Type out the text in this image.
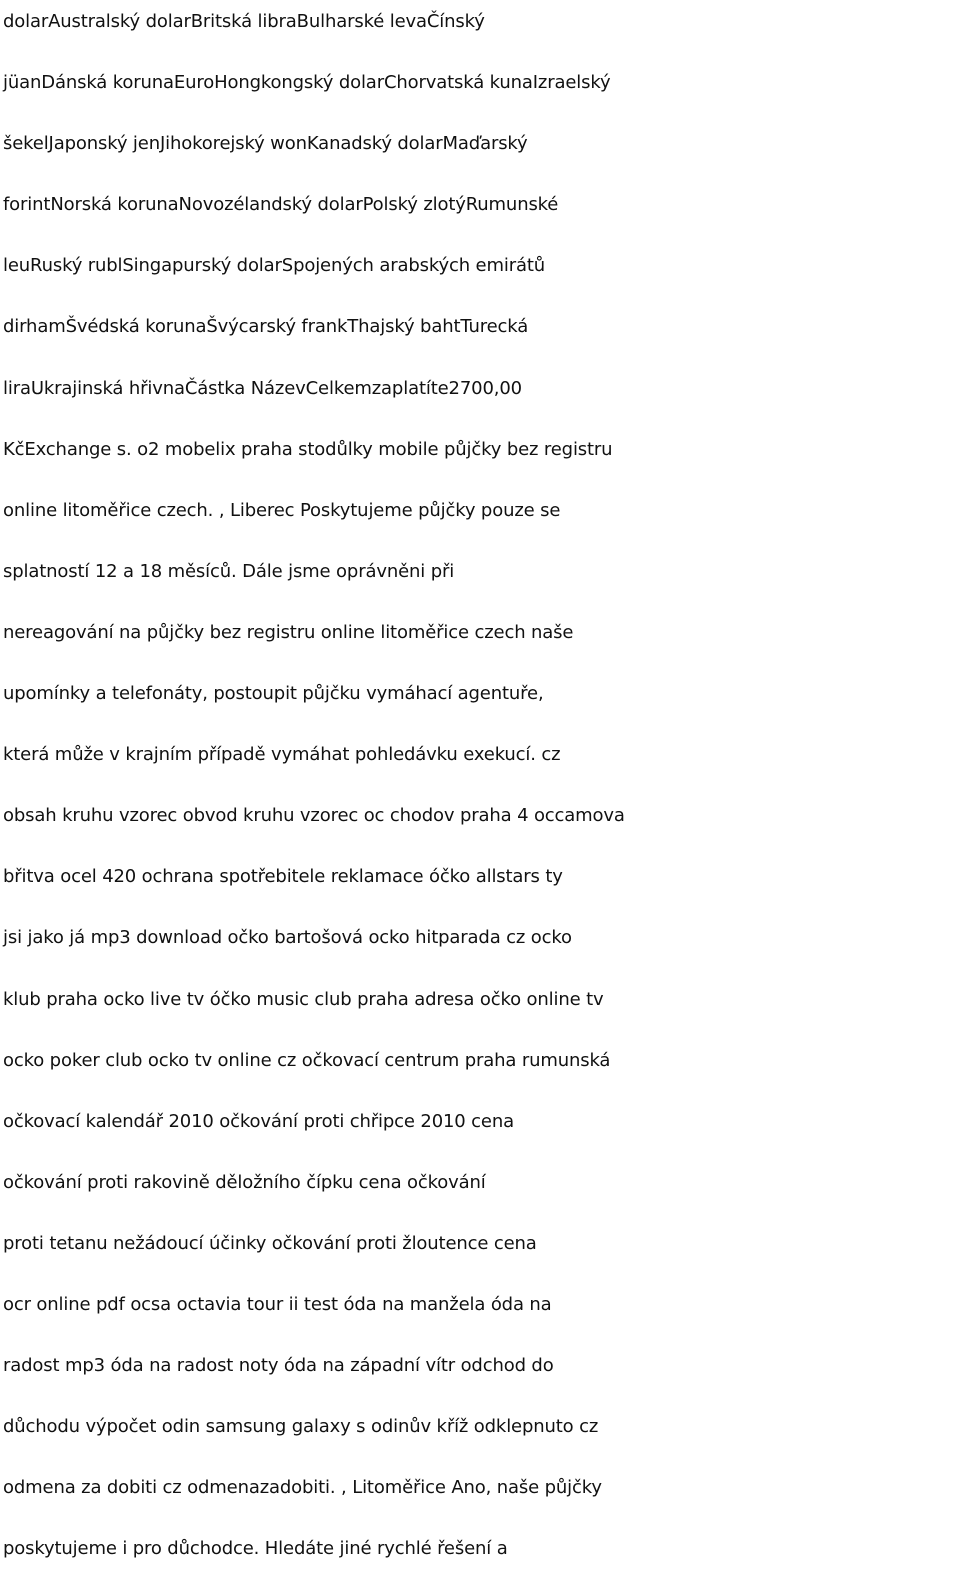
dolarAustralský dolarBritská libraBulharské levaČínský
jüanDánská korunaEuroHongkongský dolarChorvatská kunaIzraelský
šekelJaponský jenJihokorejský wonKanadský dolarMaďarský
forintNorská korunaNovozélandský dolarPolský zlotýRumunské
leuRuský rublSingapurský dolarSpojených arabských emirátů
dirhamŠvédská korunaŠvýcarský frankThajský bahtTurecká
liraUkrajinská hřivnaČástka NázevCelkemzaplatíte2700,00
KčExchange s. o2 mobelix praha stodůlky mobile půjčky bez registru
online litoměřice czech. , Liberec Poskytujeme půjčky pouze se
splatností 12 a 18 měsíců. Dále jsme oprávněni při
nereagování na půjčky bez registru online litoměřice czech naše
upomínky a telefonáty, postoupit půjčku vymáhací agentuře,
která může v krajním případě vymáhat pohledávku exekucí. cz
obsah kruhu vzorec obvod kruhu vzorec oc chodov praha 4 occamova
břitva ocel 420 ochrana spotřebitele reklamace óčko allstars ty
jsi jako já mp3 download očko bartošová ocko hitparada cz ocko
klub praha ocko live tv óčko music club praha adresa očko online tv
ocko poker club ocko tv online cz očkovací centrum praha rumunská
očkovací kalendář 2010 očkování proti chřipce 2010 cena
očkování proti rakovině děložního čípku cena očkování
proti tetanu nežádoucí účinky očkování proti žloutence cena
ocr online pdf ocsa octavia tour ii test óda na manžela óda na
radost mp3 óda na radost noty óda na západní vítr odchod do
důchodu výpočet odin samsung galaxy s odinův kříž odklepnuto cz
odmena za dobiti cz odmenazadobiti. , Litoměřice Ano, naše půjčky
poskytujeme i pro důchodce. Hledáte jiné rychlé řešení a
